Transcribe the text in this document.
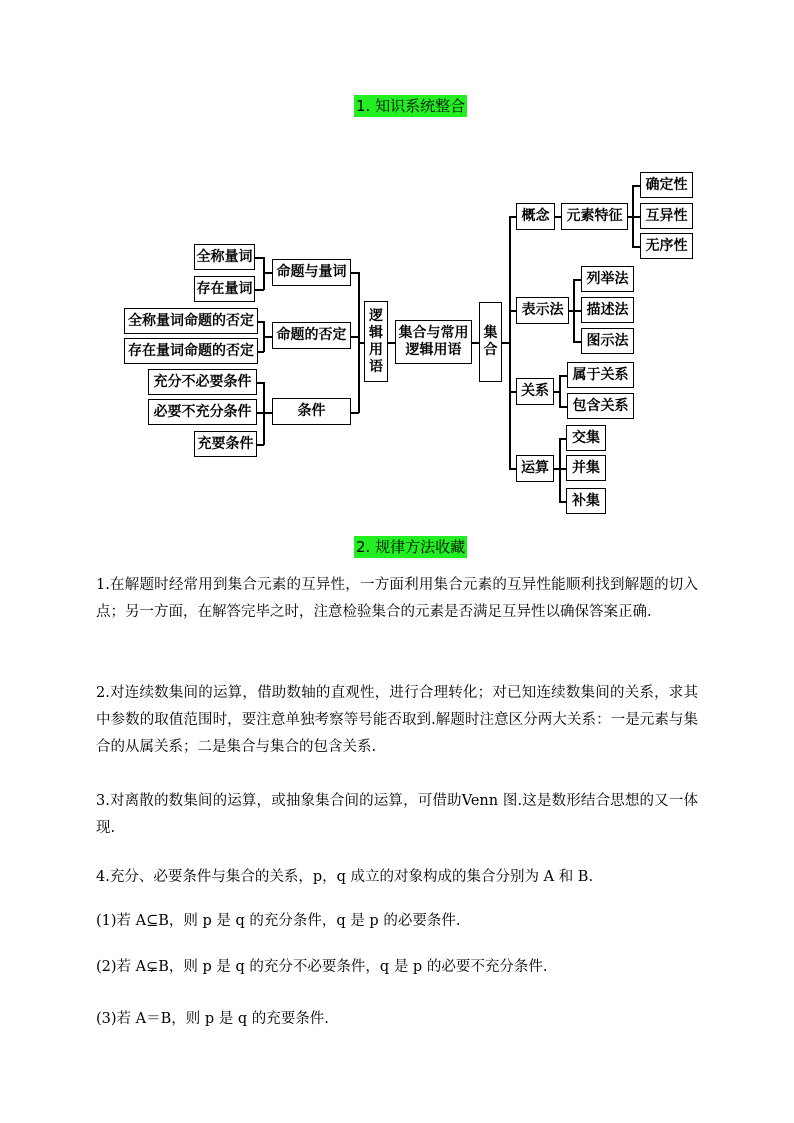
1. 知识系统整合
全称量词
存在量词
全称量词命题的否定
存在量词命题的否定
充分不必要条件
必要不充分条件
充要条件
命题与量词
命题的否定
条件
逻辑用语
集合与常用逻辑用语
集合
概念	元素特征
表示法
关系
运算
确定性
互异性
无序性
列举法
描述法
图示法
属于关系
包含关系
交集
并集
补集
2. 规律方法收藏
1.在解题时经常用到集合元素的互异性，一方面利用集合元素的互异性能顺利找到解题的切入点；另一方面，在解答完毕之时，注意检验集合的元素是否满足互异性以确保答案正确.
2.对连续数集间的运算，借助数轴的直观性，进行合理转化；对已知连续数集间的关系，求其中参数的取值范围时，要注意单独考察等号能否取到.解题时注意区分两大关系：一是元素与集合的从属关系；二是集合与集合的包含关系.
3.对离散的数集间的运算，或抽象集合间的运算，可借助Venn 图.这是数形结合思想的又一体现.
4.充分、必要条件与集合的关系，p，q 成立的对象构成的集合分别为 A 和 B.
(1)若 A⊆B，则 p 是 q 的充分条件，q 是 p 的必要条件.
(2)若 A⊊B，则 p 是 q 的充分不必要条件，q 是 p 的必要不充分条件.
(3)若 A＝B，则 p 是 q 的充要条件.
